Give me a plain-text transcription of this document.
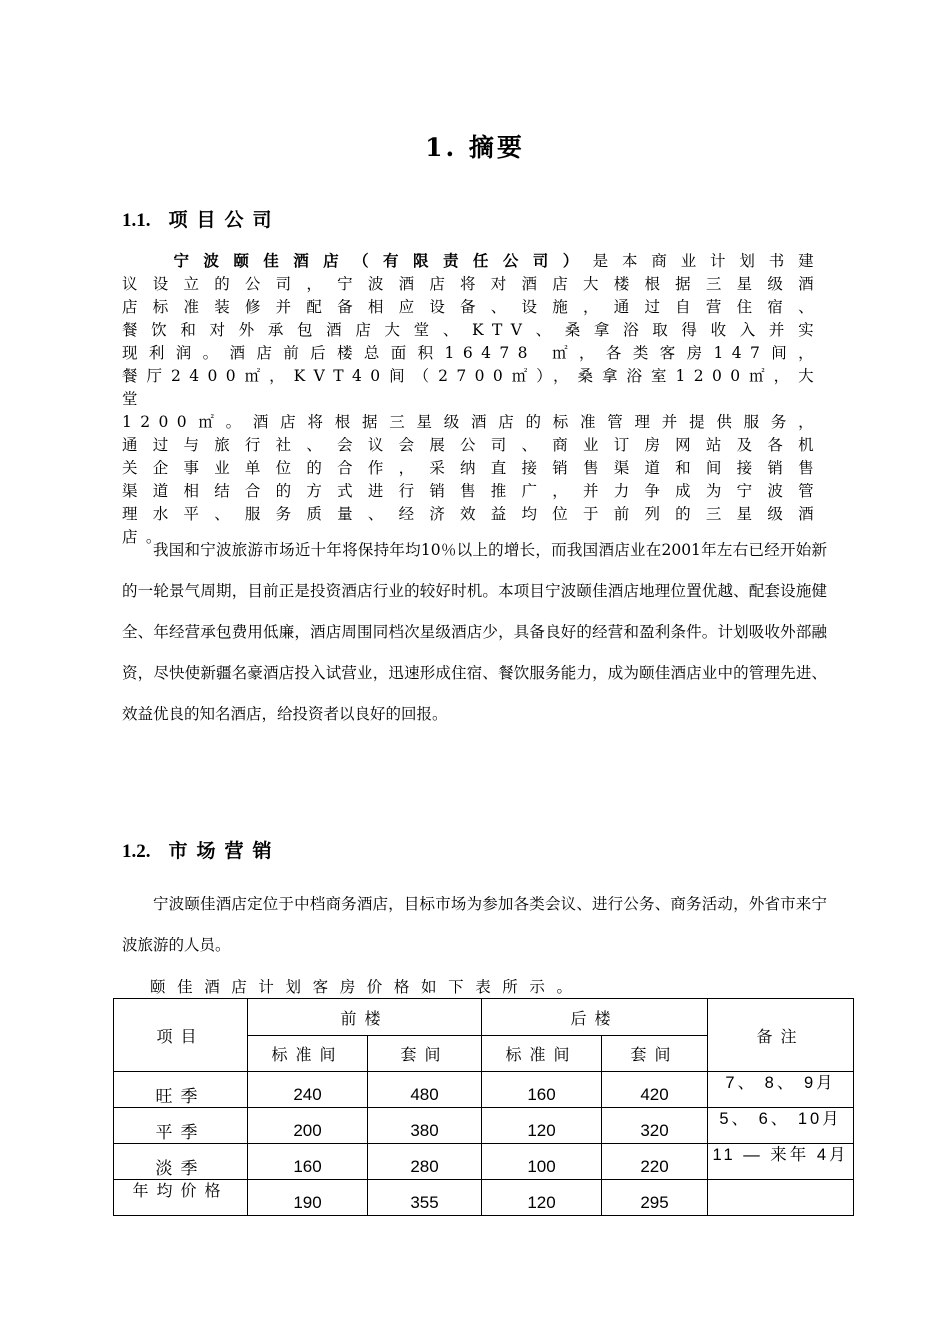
1. 摘要
1.1. 项目公司
宁波颐佳酒店（有限责任公司）是本商业计划书建
议设立的公司，宁波酒店将对酒店大楼根据三星级酒
店标准装修并配备相应设备、设施，通过自营住宿、
餐饮和对外承包酒店大堂、KTV、桑拿浴取得收入并实
现利润。酒店前后楼总面积16478 ㎡，各类客房147间，
餐厅2400㎡，KVT40间（2700㎡），桑拿浴室1200㎡，大堂
1200㎡。酒店将根据三星级酒店的标准管理并提供服务，
通过与旅行社、会议会展公司、商业订房网站及各机
关企事业单位的合作，采纳直接销售渠道和间接销售
渠道相结合的方式进行销售推广，并力争成为宁波管
理水平、服务质量、经济效益均位于前列的三星级酒
店。
我国和宁波旅游市场近十年将保持年均10％以上的增长，而我国酒店业在2001年左右已经开始新的一轮景气周期，目前正是投资酒店行业的较好时机。本项目宁波颐佳酒店地理位置优越、配套设施健全、年经营承包费用低廉，酒店周围同档次星级酒店少，具备良好的经营和盈利条件。计划吸收外部融资，尽快使新疆名豪酒店投入试营业，迅速形成住宿、餐饮服务能力，成为颐佳酒店业中的管理先进、效益优良的知名酒店，给投资者以良好的回报。
1.2. 市场营销
宁波颐佳酒店定位于中档商务酒店，目标市场为参加各类会议、进行公务、商务活动，外省市来宁波旅游的人员。
颐佳酒店计划客房价格如下表所示。
项目	前楼		后楼		备注
	标准间	套间	标准间	套间	
旺季	240	480	160	420	7、 8、 9月

平季	200	380	120	320	5、 6、 10月

淡季	160	280	100	220	11 — 来年 4月

年均价格	190	355	120	295	
